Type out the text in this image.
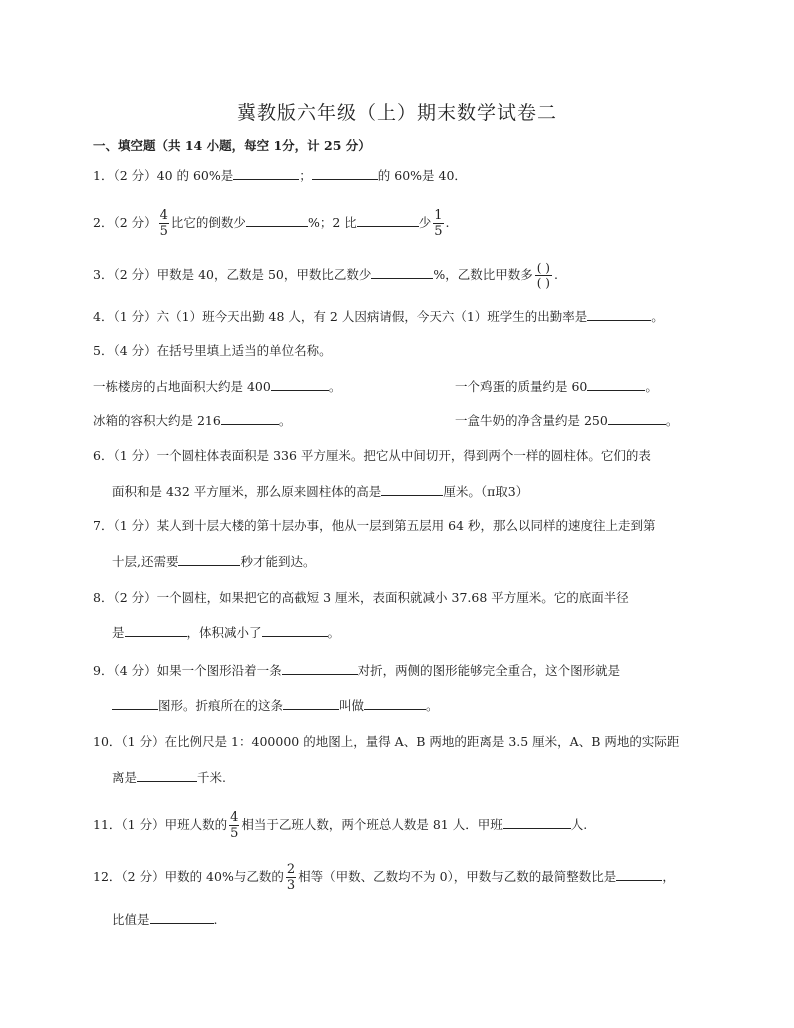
冀教版六年级（上）期末数学试卷二
一、填空题（共 14 小题，每空 1分，计 25 分）
1．（2 分）40 的 60%是	；	的 60%是 40．
2．（2 分） $\frac{4}{5}$ 比它的倒数少	%；2 比	少 $\frac{1}{5}$ .
3．（2 分）甲数是 40，乙数是 50，甲数比乙数少	%，乙数比甲数多 $\frac{( )}{( )}$ .
4．（1 分）六（1）班今天出勤 48 人，有 2 人因病请假，今天六（1）班学生的出勤率是	。
5．（4 分）在括号里填上适当的单位名称。
一栋楼房的占地面积大约是 400	。	一个鸡蛋的质量约是 60	。
冰箱的容积大约是 216	。	一盒牛奶的净含量约是 250	。
6．（1 分）一个圆柱体表面积是 336 平方厘米。把它从中间切开，得到两个一样的圆柱体。它们的表
面积和是 432 平方厘米，那么原来圆柱体的高是	厘米。（π取3）
7．（1 分）某人到十层大楼的第十层办事，他从一层到第五层用 64 秒，那么以同样的速度往上走到第
十层,还需要	秒才能到达。
8．（2 分）一个圆柱，如果把它的高截短 3 厘米，表面积就减小 37.68 平方厘米。它的底面半径
是	，体积减小了	。
9．（4 分）如果一个图形沿着一条	对折，两侧的图形能够完全重合，这个图形就是
图形。折痕所在的这条	叫做	。
10．（1 分）在比例尺是 1：400000 的地图上，量得 A、B 两地的距离是 3.5 厘米，A、B 两地的实际距
离是	千米.
11．（1 分）甲班人数的 $\frac{4}{5}$ 相当于乙班人数，两个班总人数是 81 人．甲班	人.
12．（2 分）甲数的 40%与乙数的 $\frac{2}{3}$ 相等（甲数、乙数均不为 0），甲数与乙数的最简整数比是	，
比值是	.
